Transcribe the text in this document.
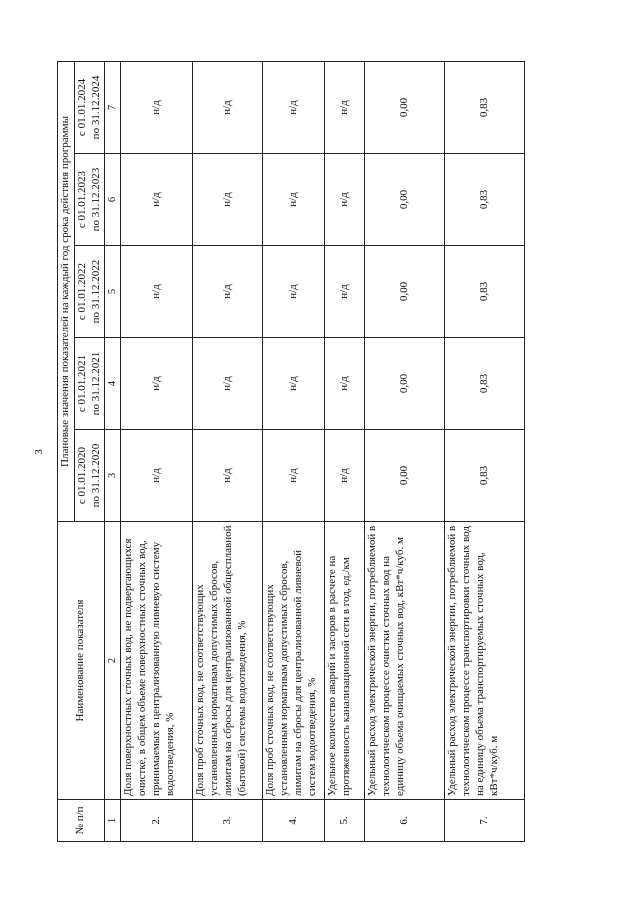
3
№ п/п	Наименование показателя	Плановые значения показателей на каждый год срока действия программы				
		с 01.01.2020 по 31.12.2020	с 01.01.2021 по 31.12.2021	с 01.01.2022 по 31.12.2022	с 01.01.2023 по 31.12.2023	с 01.01.2024 по 31.12.2024
1	2	3	4	5	6	7
2.	Доля поверхностных сточных вод, не подвергающихся очистке, в общем объеме поверхностных сточных вод, принимаемых в централизованную ливневую систему водоотведения, %	н/д	н/д	н/д	н/д	н/д
3.	Доля проб сточных вод, не соответствующих установленным нормативам допустимых сбросов, лимитам на сбросы для централизованной общесплавной (бытовой) системы водоотведения, %	н/д	н/д	н/д	н/д	н/д
4.	Доля проб сточных вод, не соответствующих установленным нормативам допустимых сбросов, лимитам на сбросы для централизованной ливневой систем водоотведения, %	н/д	н/д	н/д	н/д	н/д
5.	Удельное количество аварий и засоров в расчете на протяженность канализационной сети в год, ед./км	н/д	н/д	н/д	н/д	н/д
6.	Удельный расход электрической энергии, потребляемой в технологическом процессе очистки сточных вод на единицу объема очищаемых сточных вод, кВт*ч/куб. м	0,00	0,00	0,00	0,00	0,00
7.	Удельный расход электрической энергии, потребляемой в технологическом процессе транспортировки сточных вод на единицу объема транспортируемых сточных вод, кВт*ч/куб. м	0,83	0,83	0,83	0,83	0,83
